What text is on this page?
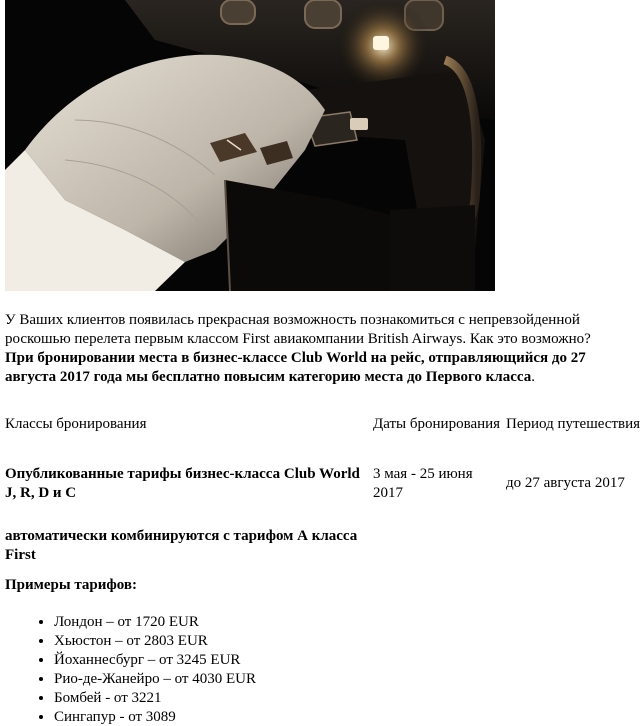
У Ваших клиентов появилась прекрасная возможность познакомиться с непревзойденной роскошью перелета первым классом First авиакомпании British Airways. Как это возможно?
При бронировании места в бизнес-классе Club World на рейс, отправляющийся до 27 августа 2017 года мы бесплатно повысим категорию места до Первого класса.

Классы бронирования	Даты бронирования	Период путешествия

Опубликованные тарифы бизнес-класса Club World J, R, D и C	3 мая - 25 июня 2017	до 27 августа 2017

автоматически комбинируются с тарифом А класса First		

Примеры тарифов:

• Лондон – от 1720 EUR
• Хьюстон – от 2803 EUR
• Йоханнесбург – от 3245 EUR
• Рио-де-Жанейро – от 4030 EUR
• Бомбей - от 3221
• Сингапур - от 3089
